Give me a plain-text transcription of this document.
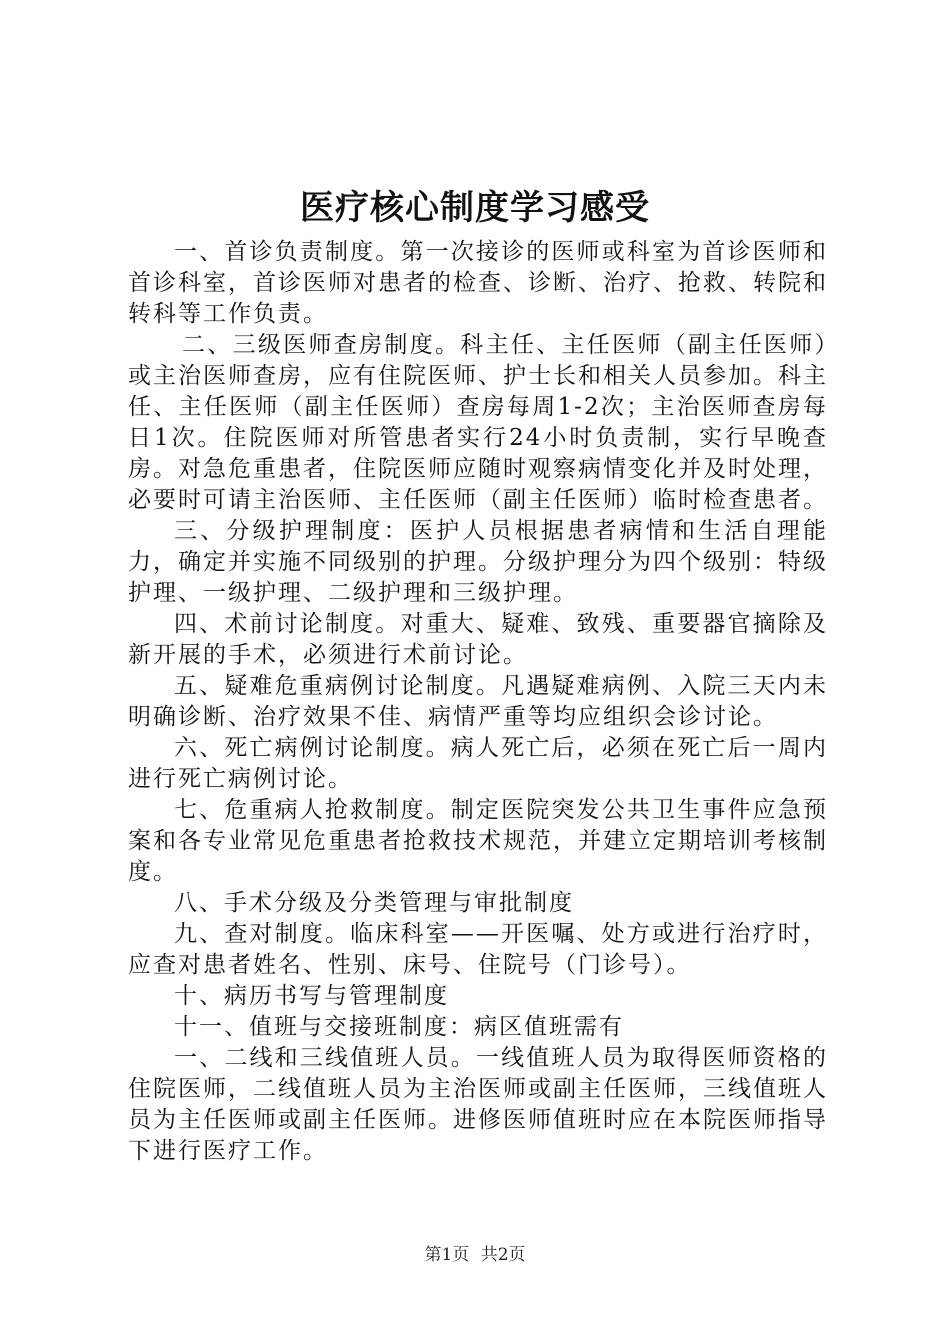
医疗核心制度学习感受

一、首诊负责制度。第一次接诊的医师或科室为首诊医师和首诊科室，首诊医师对患者的检查、诊断、治疗、抢救、转院和转科等工作负责。

二、三级医师查房制度。科主任、主任医师（副主任医师）或主治医师查房，应有住院医师、护士长和相关人员参加。科主任、主任医师（副主任医师）查房每周1-2次；主治医师查房每日1次。住院医师对所管患者实行24小时负责制，实行早晚查房。对急危重患者，住院医师应随时观察病情变化并及时处理，必要时可请主治医师、主任医师（副主任医师）临时检查患者。

三、分级护理制度：医护人员根据患者病情和生活自理能力，确定并实施不同级别的护理。分级护理分为四个级别：特级护理、一级护理、二级护理和三级护理。

四、术前讨论制度。对重大、疑难、致残、重要器官摘除及新开展的手术，必须进行术前讨论。

五、疑难危重病例讨论制度。凡遇疑难病例、入院三天内未明确诊断、治疗效果不佳、病情严重等均应组织会诊讨论。

六、死亡病例讨论制度。病人死亡后，必须在死亡后一周内进行死亡病例讨论。

七、危重病人抢救制度。制定医院突发公共卫生事件应急预案和各专业常见危重患者抢救技术规范，并建立定期培训考核制度。

八、手术分级及分类管理与审批制度

九、查对制度。临床科室——开医嘱、处方或进行治疗时，应查对患者姓名、性别、床号、住院号（门诊号）。

十、病历书写与管理制度

十一、值班与交接班制度：病区值班需有

一、二线和三线值班人员。一线值班人员为取得医师资格的住院医师，二线值班人员为主治医师或副主任医师，三线值班人员为主任医师或副主任医师。进修医师值班时应在本院医师指导下进行医疗工作。

第1页 共2页
